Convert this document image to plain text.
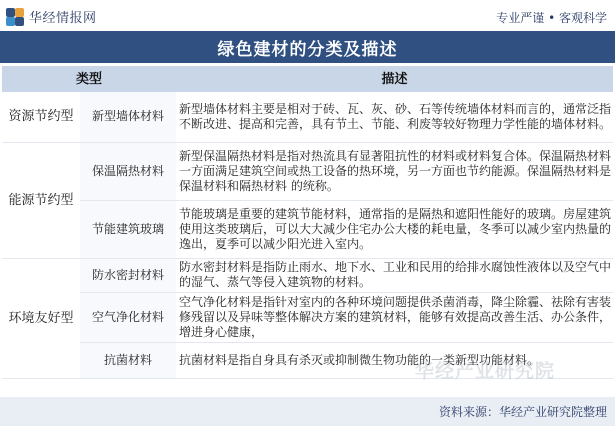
华经情报网	专业严谨 • 客观科学
绿色建材的分类及描述
类型		描述
资源节约型	新型墙体材料	新型墙体材料主要是相对于砖、瓦、灰、砂、石等传统墙体材料而言的，通常泛指不断改进、提高和完善，具有节土、节能、利废等较好物理力学性能的墙体材料。
能源节约型	保温隔热材料	新型保温隔热材料是指对热流具有显著阻抗性的材料或材料复合体。保温隔热材料一方面满足建筑空间或热工设备的热环境，另一方面也节约能源。保温隔热材料是保温材料和隔热材料 的统称。
	节能建筑玻璃	节能玻璃是重要的建筑节能材料，通常指的是隔热和遮阳性能好的玻璃。房屋建筑使用这类玻璃后，可以大大减少住宅办公大楼的耗电量，冬季可以减少室内热量的逸出，夏季可以减少阳光进入室内。
环境友好型	防水密封材料	防水密封材料是指防止雨水、地下水、工业和民用的给排水腐蚀性液体以及空气中的湿气、蒸气等侵入建筑物的材料。
	空气净化材料	空气净化材料是指针对室内的各种环境问题提供杀菌消毒，降尘除霾、祛除有害装修残留以及异味等整体解决方案的建筑材料，能够有效提高改善生活、办公条件，增进身心健康，
	抗菌材料	抗菌材料是指自身具有杀灭或抑制微生物功能的一类新型功能材料。
华经产业研究院
资料来源：华经产业研究院整理
